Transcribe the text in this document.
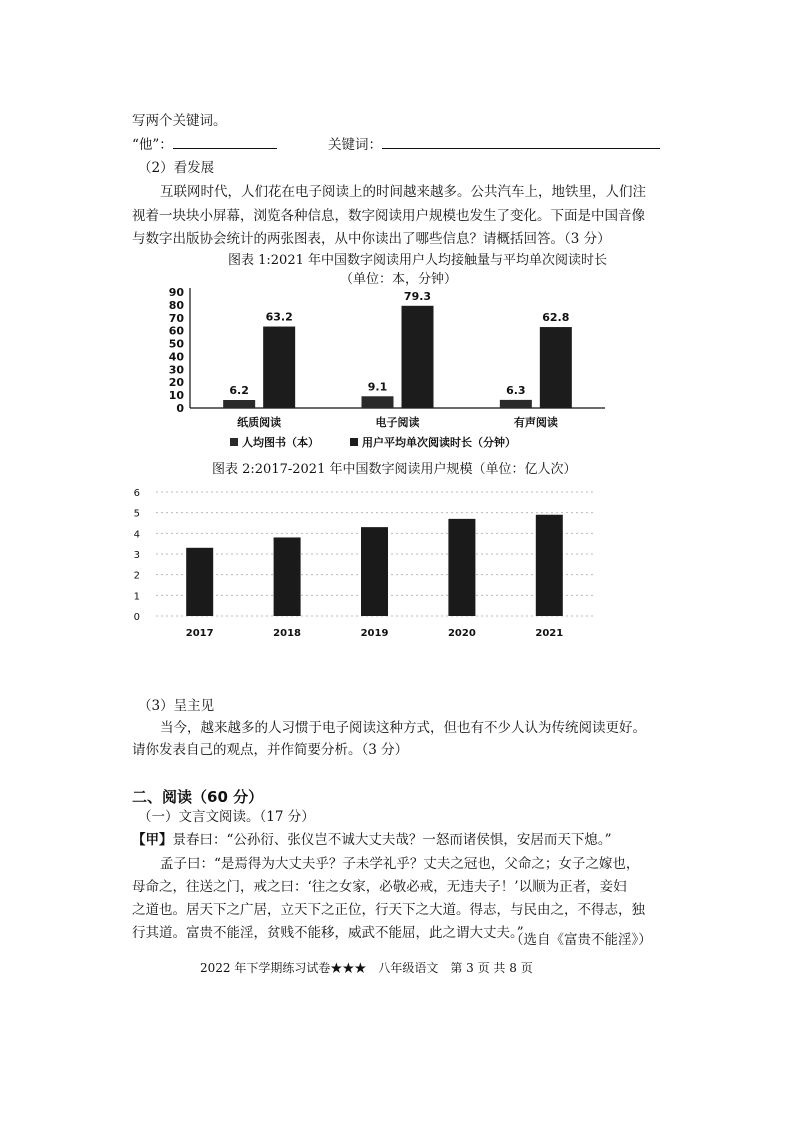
写两个关键词。
“他”：	关键词：
（2）看发展
互联网时代，人们花在电子阅读上的时间越来越多。公共汽车上，地铁里，人们注
视着一块块小屏幕，浏览各种信息，数字阅读用户规模也发生了变化。下面是中国音像
与数字出版协会统计的两张图表，从中你读出了哪些信息？请概括回答。（3 分）
图表 1:2021 年中国数字阅读用户人均接触量与平均单次阅读时长
（单位：本，分钟）
0
10
20
30
40
50
60
70
80
90
6.2
63.2
纸质阅读
9.1
79.3
电子阅读
6.3
62.8
有声阅读
人均图书（本）	用户平均单次阅读时长（分钟）
图表 2:2017-2021 年中国数字阅读用户规模（单位：亿人次）
0
1
2
3
4
5
6
2017	2018	2019	2020	2021
（3）呈主见
当今，越来越多的人习惯于电子阅读这种方式，但也有不少人认为传统阅读更好。
请你发表自己的观点，并作简要分析。（3 分）
二、阅读（60 分）
（一）文言文阅读。（17 分）
【甲】景春曰：“公孙衍、张仪岂不诚大丈夫哉？一怒而诸侯惧，安居而天下熄。”
孟子曰：“是焉得为大丈夫乎？子未学礼乎？丈夫之冠也，父命之；女子之嫁也，
母命之，往送之门，戒之曰：‘往之女家，必敬必戒，无违夫子！’以顺为正者，妾妇
之道也。居天下之广居，立天下之正位，行天下之大道。得志，与民由之，不得志，独
行其道。富贵不能淫，贫贱不能移，威武不能屈，此之谓大丈夫。”
（选自《富贵不能淫》）
2022 年下学期练习试卷★★★　八年级语文　第 3 页 共 8 页
